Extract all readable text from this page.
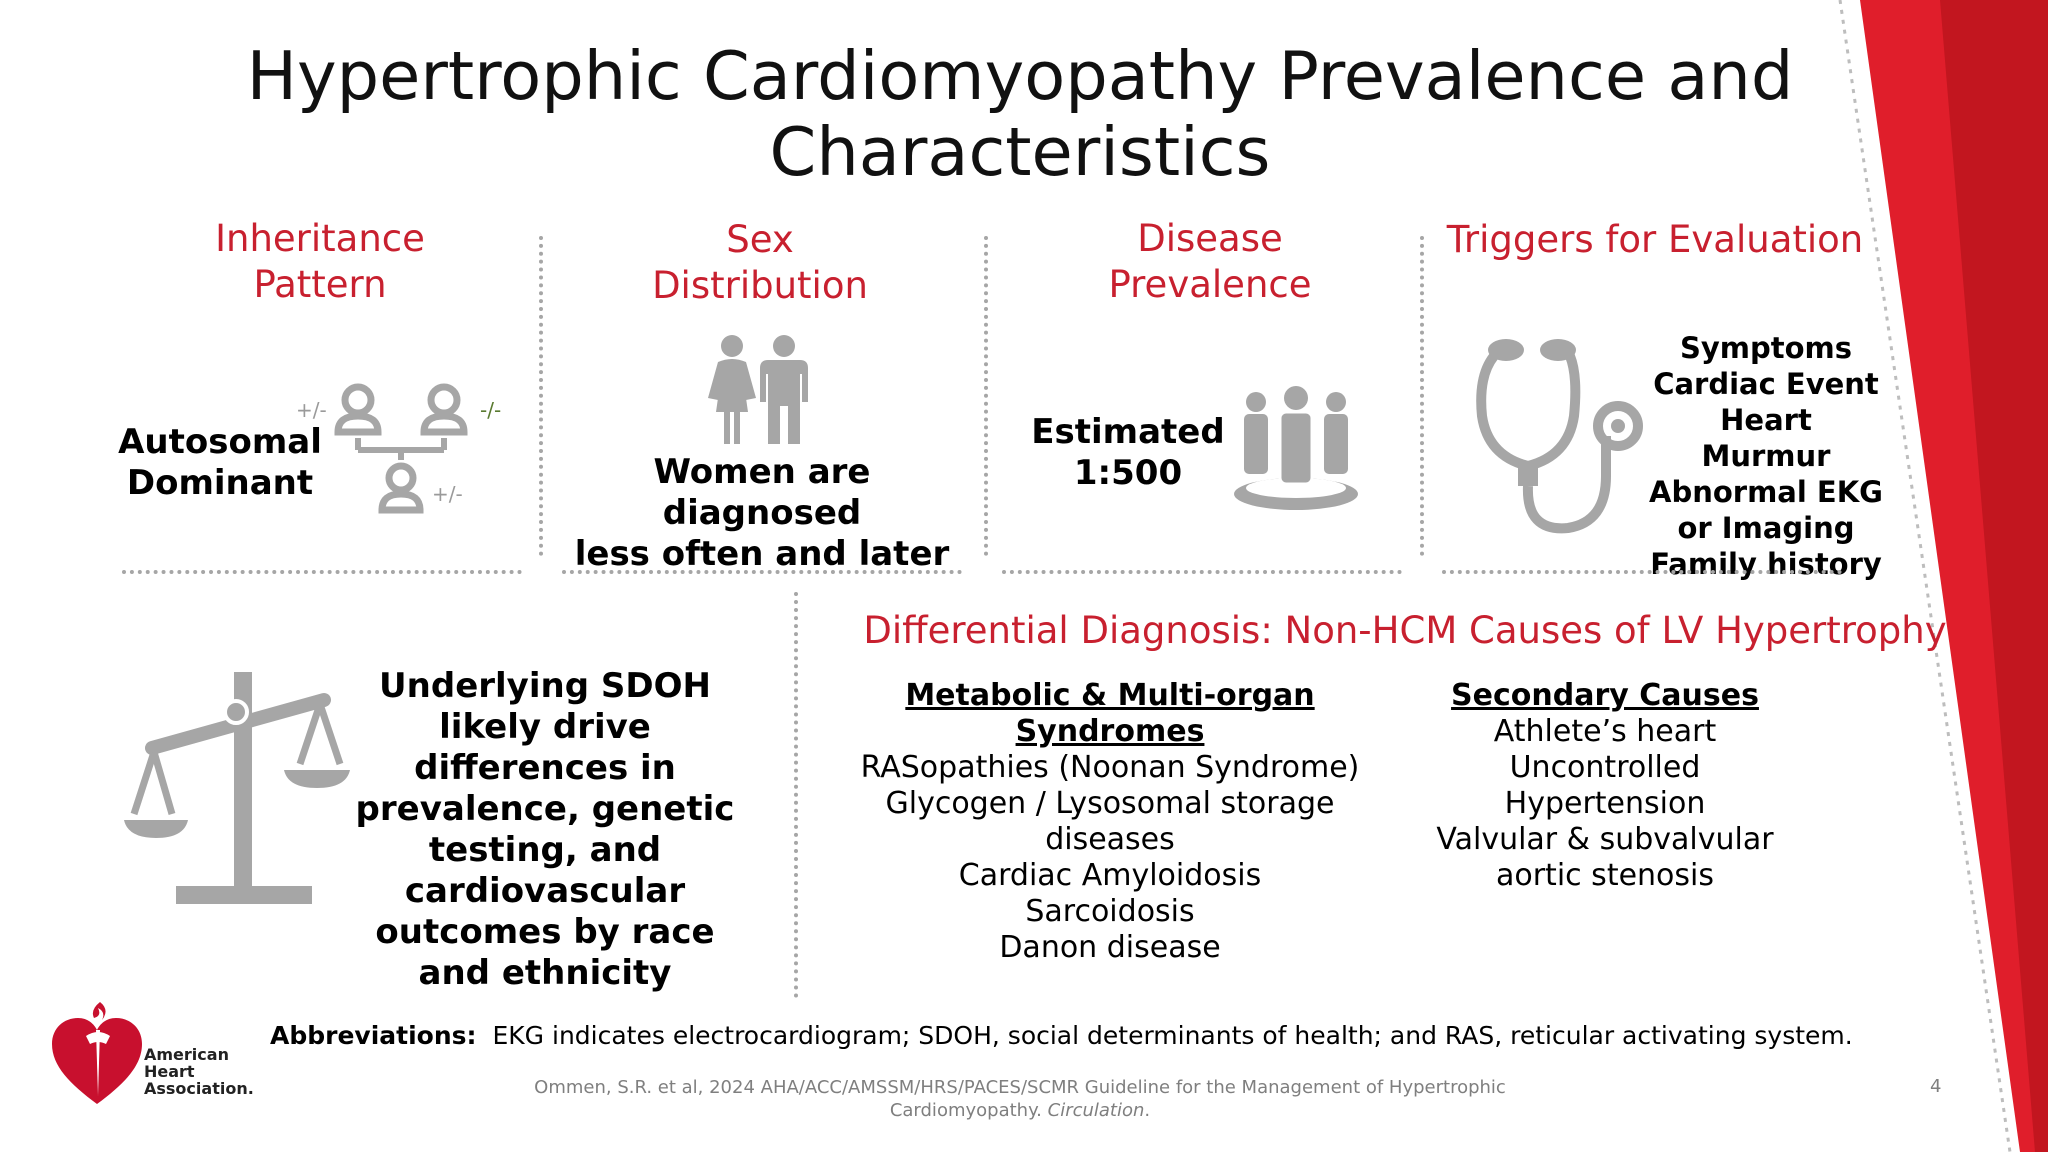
Hypertrophic Cardiomyopathy Prevalence and Characteristics
Inheritance
Pattern
Autosomal
Dominant
+/-	-/-
+/-
Sex
Distribution
Women are diagnosed
less often and later
Disease
Prevalence
Estimated
1:500
Triggers for Evaluation
Symptoms
Cardiac Event
Heart
Murmur
Abnormal EKG
or Imaging
Family history
Underlying SDOH
likely drive
differences in
prevalence, genetic
testing, and
cardiovascular
outcomes by race
and ethnicity
Differential Diagnosis: Non-HCM Causes of LV Hypertrophy
Metabolic & Multi-organ
Syndromes
RASopathies (Noonan Syndrome)
Glycogen / Lysosomal storage
diseases
Cardiac Amyloidosis
Sarcoidosis
Danon disease
Secondary Causes
Athlete’s heart
Uncontrolled
Hypertension
Valvular & subvalvular
aortic stenosis
American
Heart
Association.
Abbreviations: EKG indicates electrocardiogram; SDOH, social determinants of health; and RAS, reticular activating system.
Ommen, S.R. et al, 2024 AHA/ACC/AMSSM/HRS/PACES/SCMR Guideline for the Management of Hypertrophic
Cardiomyopathy. Circulation.
4
